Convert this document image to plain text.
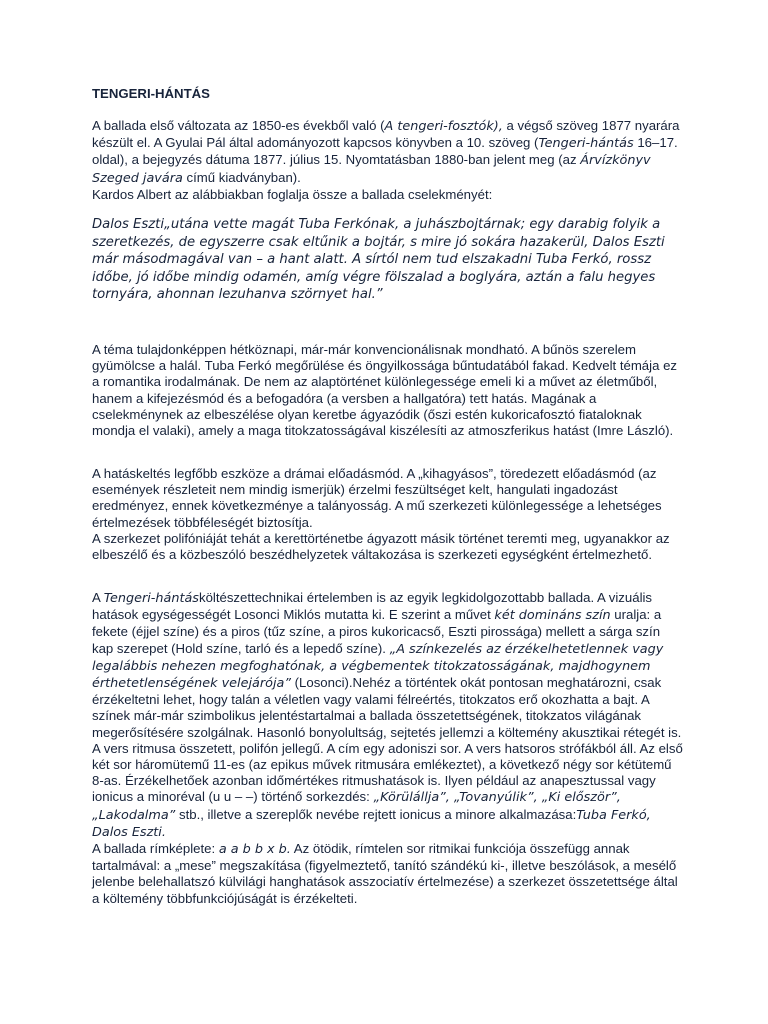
TENGERI-HÁNTÁS

A ballada első változata az 1850-es évekből való (A tengeri-fosztók), a végső szöveg 1877 nyarára készült el. A Gyulai Pál által adományozott kapcsos könyvben a 10. szöveg (Tengeri-hántás 16–17. oldal), a bejegyzés dátuma 1877. július 15. Nyomtatásban 1880-ban jelent meg (az Árvízkönyv Szeged javára című kiadványban).

Kardos Albert az alábbiakban foglalja össze a ballada cselekményét:

Dalos Eszti„utána vette magát Tuba Ferkónak, a juhászbojtárnak; egy darabig folyik a szeretkezés, de egyszerre csak eltűnik a bojtár, s mire jó sokára hazakerül, Dalos Eszti már másodmagával van – a hant alatt. A sírtól nem tud elszakadni Tuba Ferkó, rossz időbe, jó időbe mindig odamén, amíg végre fölszalad a boglyára, aztán a falu hegyes tornyára, ahonnan lezuhanva szörnyet hal.”
A téma tulajdonképpen hétköznapi, már-már konvencionálisnak mondható. A bűnös szerelem gyümölcse a halál. Tuba Ferkó megőrülése és öngyilkossága bűntudatából fakad. Kedvelt témája ez a romantika irodalmának. De nem az alaptörténet különlegessége emeli ki a művet az életműből, hanem a kifejezésmód és a befogadóra (a versben a hallgatóra) tett hatás. Magának a cselekménynek az elbeszélése olyan keretbe ágyazódik (őszi estén kukoricafosztó fiataloknak mondja el valaki), amely a maga titokzatosságával kiszélesíti az atmoszferikus hatást (Imre László).

A hatáskeltés legfőbb eszköze a drámai előadásmód. A „kihagyásos”, töredezett előadásmód (az események részleteit nem mindig ismerjük) érzelmi feszültséget kelt, hangulati ingadozást eredményez, ennek következménye a talányosság. A mű szerkezeti különlegessége a lehetséges értelmezések többféleségét biztosítja.

A szerkezet polifóniáját tehát a kerettörténetbe ágyazott másik történet teremti meg, ugyanakkor az elbeszélő és a közbeszóló beszédhelyzetek váltakozása is szerkezeti egységként értelmezhető.

A Tengeri-hántásköltészettechnikai értelemben is az egyik legkidolgozottabb ballada. A vizuális hatások egységességét Losonci Miklós mutatta ki. E szerint a művet két domináns szín uralja: a fekete (éjjel színe) és a piros (tűz színe, a piros kukoricacső, Eszti pirossága) mellett a sárga szín kap szerepet (Hold színe, tarló és a lepedő színe). „A színkezelés az érzékelhetetlennek vagy legalábbis nehezen megfoghatónak, a végbementek titokzatosságának, majdhogynem érthetetlenségének velejárója” (Losonci).Nehéz a történtek okát pontosan meghatározni, csak érzékeltetni lehet, hogy talán a véletlen vagy valami félreértés, titokzatos erő okozhatta a bajt. A színek már-már szimbolikus jelentéstartalmai a ballada összetettségének, titokzatos világának megerősítésére szolgálnak. Hasonló bonyolultság, sejtetés jellemzi a költemény akusztikai rétegét is.

A vers ritmusa összetett, polifón jellegű. A cím egy adoniszi sor. A vers hatsoros strófákból áll. Az első két sor háromütemű 11-es (az epikus művek ritmusára emlékeztet), a következő négy sor kétütemű 8-as. Érzékelhetőek azonban időmértékes ritmushatások is. Ilyen például az anapesztussal vagy ionicus a minoréval (u u – –) történő sorkezdés: „Körülállja”, „Tovanyúlik”, „Ki először”, „Lakodalma” stb., illetve a szereplők nevébe rejtett ionicus a minore alkalmazása:Tuba Ferkó, Dalos Eszti.

A ballada rímképlete: a a b b x b. Az ötödik, rímtelen sor ritmikai funkciója összefügg annak tartalmával: a „mese” megszakítása (figyelmeztető, tanító szándékú ki-, illetve beszólások, a mesélő jelenbe belehallatszó külvilági hanghatások asszociatív értelmezése) a szerkezet összetettsége által a költemény többfunkciójúságát is érzékelteti.
